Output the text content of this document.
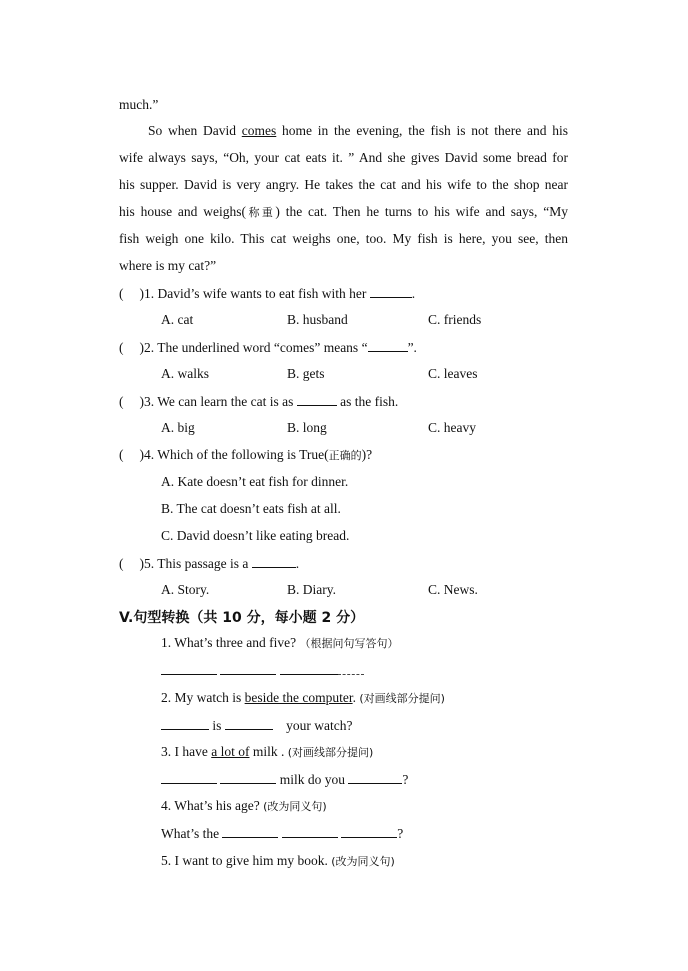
much.”
So when David comes home in the evening, the fish is not there and his
wife always says, “Oh, your cat eats it. ” And she gives David some bread for
his supper. David is very angry. He takes the cat and his wife to the shop near
his house and weighs(称重) the cat. Then he turns to his wife and says, “My
fish weigh one kilo. This cat weighs one, too. My fish is here, you see, then
where is my cat?”
( )1. David’s wife wants to eat fish with her	.
A. cat	B. husband	C. friends
( )2. The underlined word “comes” means “	”.
A. walks	B. gets	C. leaves
( )3. We can learn the cat is as	as the fish.
A. big	B. long	C. heavy
( )4. Which of the following is True(正确的)?
A. Kate doesn’t eat fish for dinner.
B. The cat doesn’t eats fish at all.
C. David doesn’t like eating bread.
( )5. This passage is a	.
A. Story.	B. Diary.	C. News.
V.句型转换（共 10 分，每小题 2 分）
1. What’s three and five? （根据问句写答句）

2. My watch is beside the computer. (对画线部分提问)
is	your watch?
3. I have a lot of milk . (对画线部分提问)
milk do you	?
4. What’s his age? (改为同义句)
What’s the	?
5. I want to give him my book. (改为同义句)
